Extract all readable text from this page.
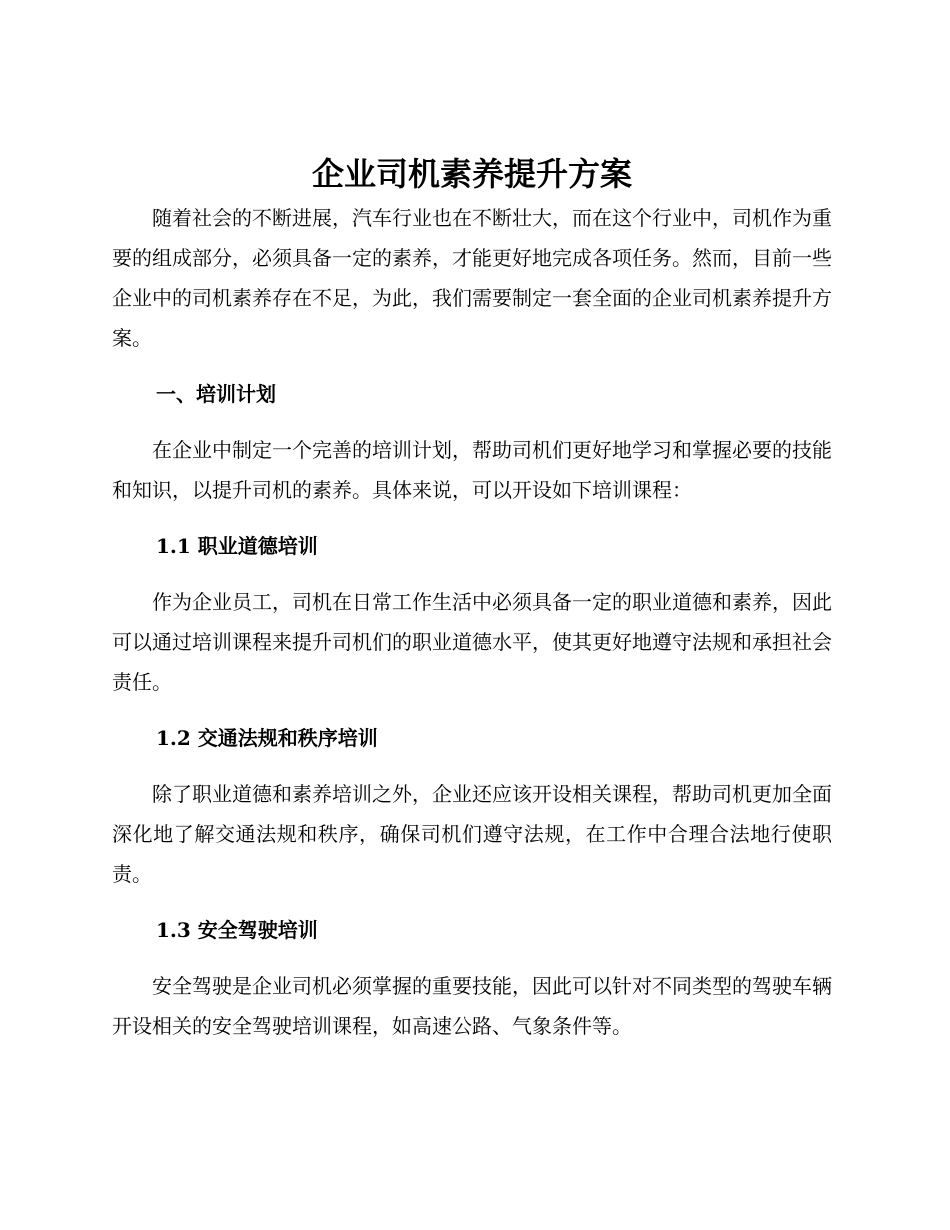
企业司机素养提升方案

随着社会的不断进展，汽车行业也在不断壮大，而在这个行业中，司机作为重要的组成部分，必须具备一定的素养，才能更好地完成各项任务。然而，目前一些企业中的司机素养存在不足，为此，我们需要制定一套全面的企业司机素养提升方案。

一、培训计划

在企业中制定一个完善的培训计划，帮助司机们更好地学习和掌握必要的技能和知识，以提升司机的素养。具体来说，可以开设如下培训课程：

1.1 职业道德培训

作为企业员工，司机在日常工作生活中必须具备一定的职业道德和素养，因此可以通过培训课程来提升司机们的职业道德水平，使其更好地遵守法规和承担社会责任。

1.2 交通法规和秩序培训

除了职业道德和素养培训之外，企业还应该开设相关课程，帮助司机更加全面深化地了解交通法规和秩序，确保司机们遵守法规，在工作中合理合法地行使职责。

1.3 安全驾驶培训

安全驾驶是企业司机必须掌握的重要技能，因此可以针对不同类型的驾驶车辆开设相关的安全驾驶培训课程，如高速公路、气象条件等。
